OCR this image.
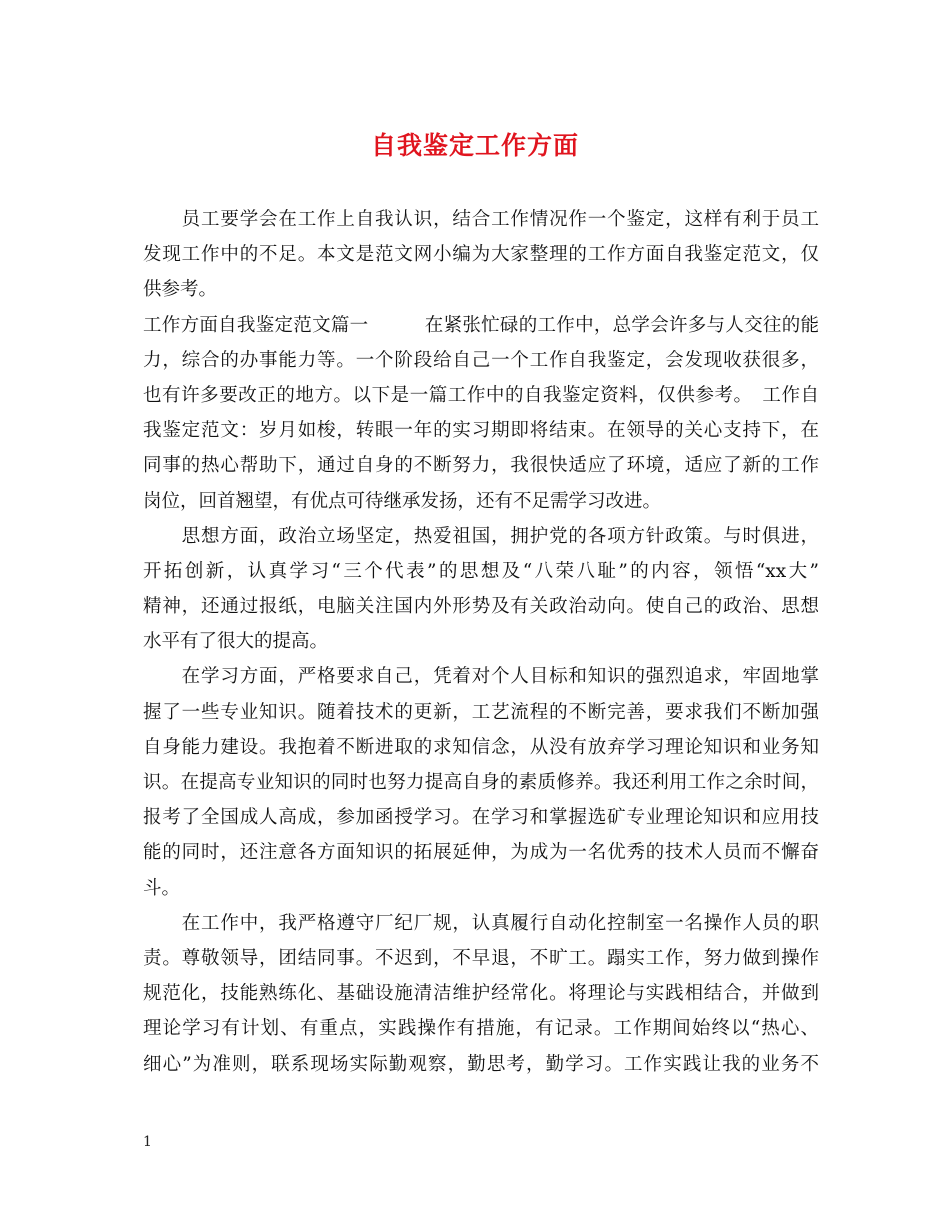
自我鉴定工作方面
　　员工要学会在工作上自我认识，结合工作情况作一个鉴定，这样有利于员工
发现工作中的不足。本文是范文网小编为大家整理的工作方面自我鉴定范文，仅
供参考。
工作方面自我鉴定范文篇一　　　在紧张忙碌的工作中，总学会许多与人交往的能
力，综合的办事能力等。一个阶段给自己一个工作自我鉴定，会发现收获很多，
也有许多要改正的地方。以下是一篇工作中的自我鉴定资料，仅供参考。　工作自
我鉴定范文：岁月如梭，转眼一年的实习期即将结束。在领导的关心支持下，在
同事的热心帮助下，通过自身的不断努力，我很快适应了环境，适应了新的工作
岗位，回首翘望，有优点可待继承发扬，还有不足需学习改进。
　　思想方面，政治立场坚定，热爱祖国，拥护党的各项方针政策。与时俱进，
开拓创新，认真学习“三个代表”的思想及“八荣八耻”的内容，领悟“xx大”
精神，还通过报纸，电脑关注国内外形势及有关政治动向。使自己的政治、思想
水平有了很大的提高。
　　在学习方面，严格要求自己，凭着对个人目标和知识的强烈追求，牢固地掌
握了一些专业知识。随着技术的更新，工艺流程的不断完善，要求我们不断加强
自身能力建设。我抱着不断进取的求知信念，从没有放弃学习理论知识和业务知
识。在提高专业知识的同时也努力提高自身的素质修养。我还利用工作之余时间，
报考了全国成人高成，参加函授学习。在学习和掌握选矿专业理论知识和应用技
能的同时，还注意各方面知识的拓展延伸，为成为一名优秀的技术人员而不懈奋
斗。
　　在工作中，我严格遵守厂纪厂规，认真履行自动化控制室一名操作人员的职
责。尊敬领导，团结同事。不迟到，不早退，不旷工。蹋实工作，努力做到操作
规范化，技能熟练化、基础设施清洁维护经常化。将理论与实践相结合，并做到
理论学习有计划、有重点，实践操作有措施，有记录。工作期间始终以“热心、
细心”为准则，联系现场实际勤观察，勤思考，勤学习。工作实践让我的业务不
1
